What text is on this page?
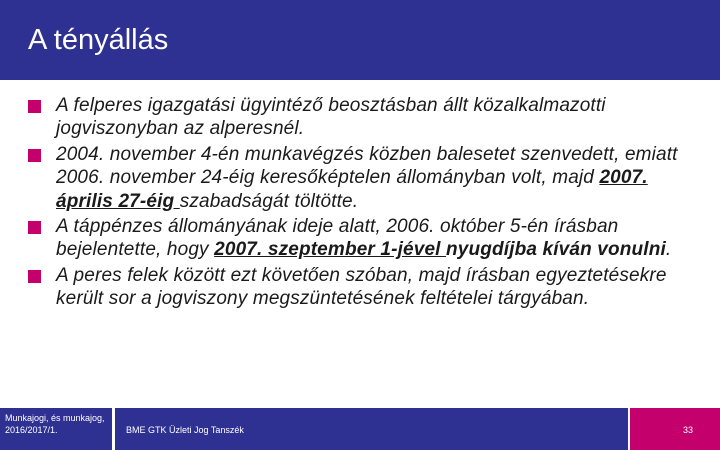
A tényállás
A felperes igazgatási ügyintéző beosztásban állt közalkalmazotti jogviszonyban az alperesnél.
2004. november 4-én munkavégzés közben balesetet szenvedett, emiatt 2006. november 24-éig keresőképtelen állományban volt, majd 2007. április 27-éig szabadságát töltötte.
A táppénzes állományának ideje alatt, 2006. október 5-én írásban bejelentette, hogy 2007. szeptember 1-jével nyugdíjba kíván vonulni.
A peres felek között ezt követően szóban, majd írásban egyeztetésekre került sor a jogviszony megszüntetésének feltételei tárgyában.
Munkajogi, és munkajog, 2016/2017/1.	BME GTK Üzleti Jog Tanszék	33
